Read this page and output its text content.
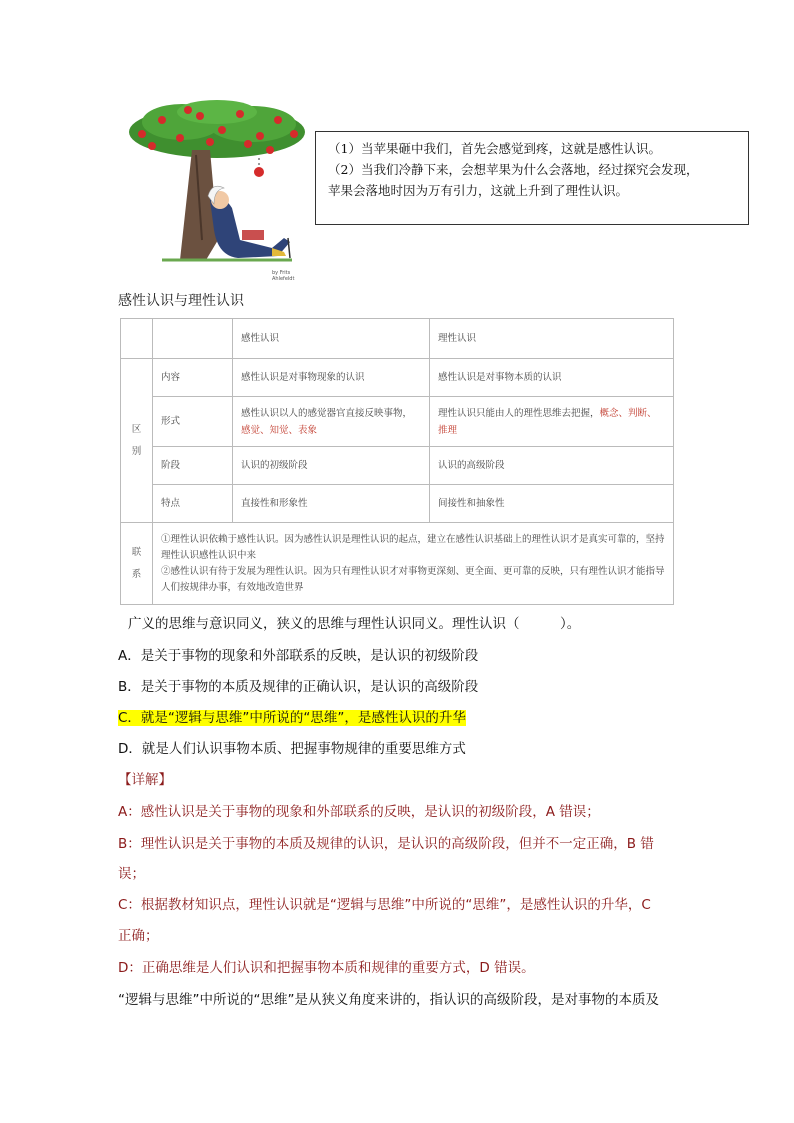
by Frits Ahlefeldt

（1）当苹果砸中我们，首先会感觉到疼，这就是感性认识。

（2）当我们冷静下来，会想苹果为什么会落地，经过探究会发现，

苹果会落地时因为万有引力，这就上升到了理性认识。

感性认识与理性认识
		感性认识	理性认识

区别	内容	感性认识是对事物现象的认识	感性认识是对事物本质的认识
	形式	感性认识以人的感觉器官直接反映事物，感觉、知觉、表象	理性认识只能由人的理性思维去把握，概念、判断、推理
	阶段	认识的初级阶段	认识的高级阶段
	特点	直接性和形象性	间接性和抽象性

联系	①理性认识依赖于感性认识。因为感性认识是理性认识的起点，建立在感性认识基础上的理性认识才是真实可靠的，坚持理性认识感性认识中来
②感性认识有待于发展为理性认识。因为只有理性认识才对事物更深刻、更全面、更可靠的反映，只有理性认识才能指导人们按规律办事，有效地改造世界		
广义的思维与意识同义，狭义的思维与理性认识同义。理性认识（　　　）。
A．是关于事物的现象和外部联系的反映，是认识的初级阶段
B．是关于事物的本质及规律的正确认识，是认识的高级阶段
C．就是“逻辑与思维”中所说的“思维”，是感性认识的升华
D．就是人们认识事物本质、把握事物规律的重要思维方式
【详解】
A：感性认识是关于事物的现象和外部联系的反映，是认识的初级阶段，A 错误；
B：理性认识是关于事物的本质及规律的认识，是认识的高级阶段，但并不一定正确，B 错
误；
C：根据教材知识点，理性认识就是“逻辑与思维”中所说的“思维”，是感性认识的升华，C
正确；
D：正确思维是人们认识和把握事物本质和规律的重要方式，D 错误。
“逻辑与思维”中所说的“思维”是从狭义角度来讲的，指认识的高级阶段，是对事物的本质及
